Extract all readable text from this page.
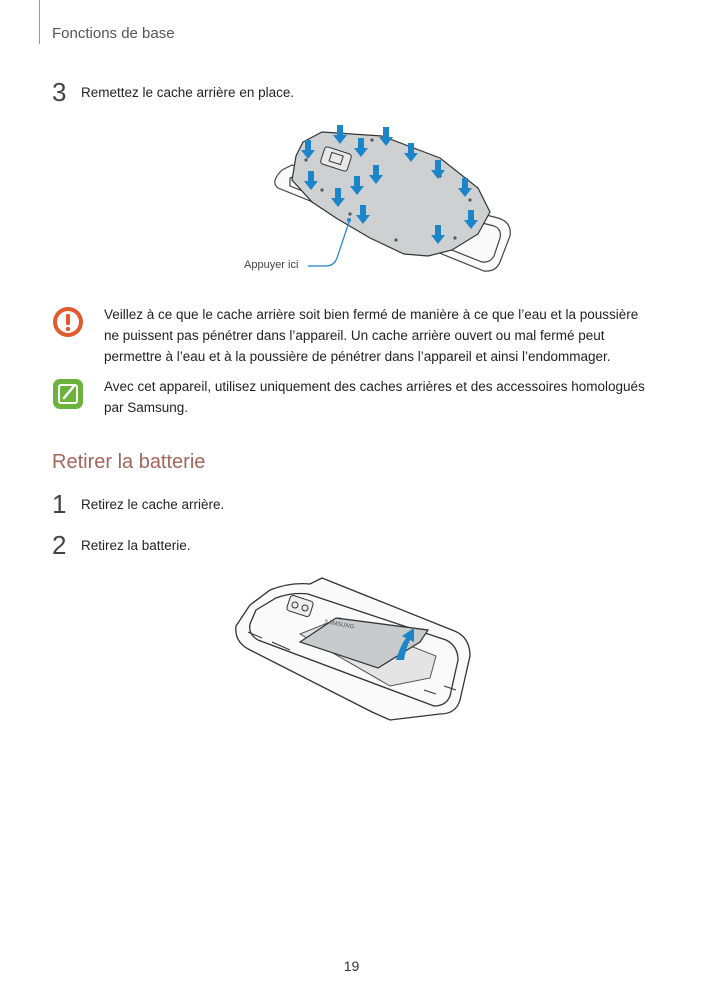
Fonctions de base
3 Remettez le cache arrière en place.
Appuyer ici
Veillez à ce que le cache arrière soit bien fermé de manière à ce que l’eau et la poussière ne puissent pas pénétrer dans l’appareil. Un cache arrière ouvert ou mal fermé peut permettre à l’eau et à la poussière de pénétrer dans l’appareil et ainsi l’endommager.
Avec cet appareil, utilisez uniquement des caches arrières et des accessoires homologués par Samsung.
Retirer la batterie
1 Retirez le cache arrière.
2 Retirez la batterie.
SAMSUNG
19
